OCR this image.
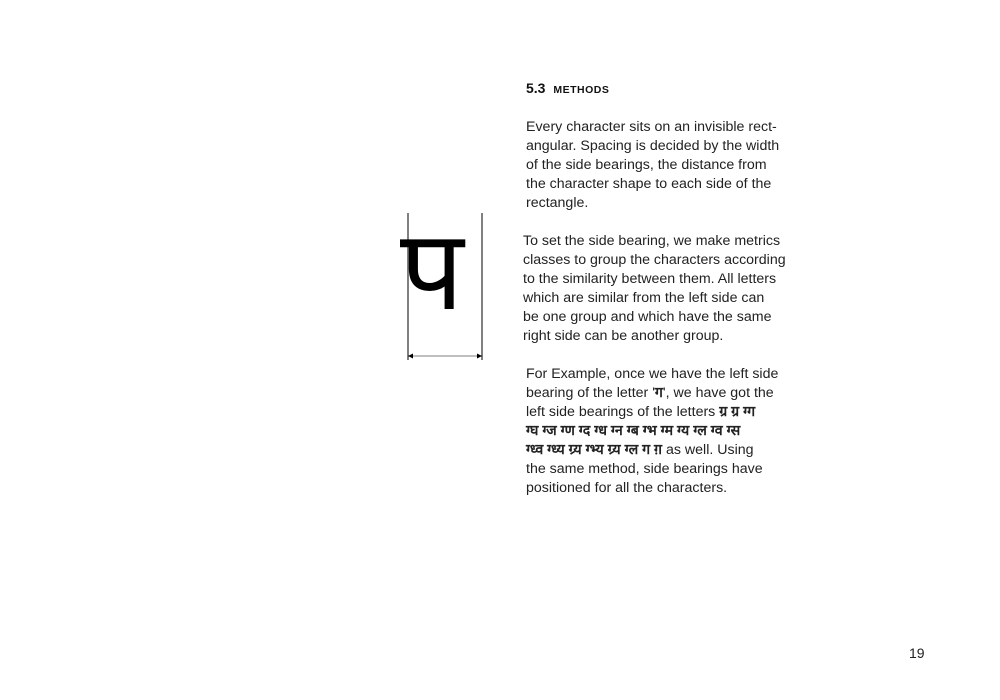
5.3 METHODS

Every character sits on an invisible rect-
angular. Spacing is decided by the width
of the side bearings, the distance from
the character shape to each side of the
rectangle.

To set the side bearing, we make metrics
classes to group the characters according
to the similarity between them. All letters
which are similar from the left side can
be one group and which have the same
right side can be another group.

For Example, once we have the left side
bearing of the letter 'ग', we have got the
left side bearings of the letters ग्र ग्र ग्ग
ग्घ ग्ज ग्ण ग्द ग्ध ग्न ग्ब ग्भ ग्म ग्य ग्ल ग्व ग्स
ग्ध्व ग्ध्य ग्र्य ग्भ्य ग्र्य ग्ल ग ग़ as well. Using
the same method, side bearings have
positioned for all the characters.

प
19
